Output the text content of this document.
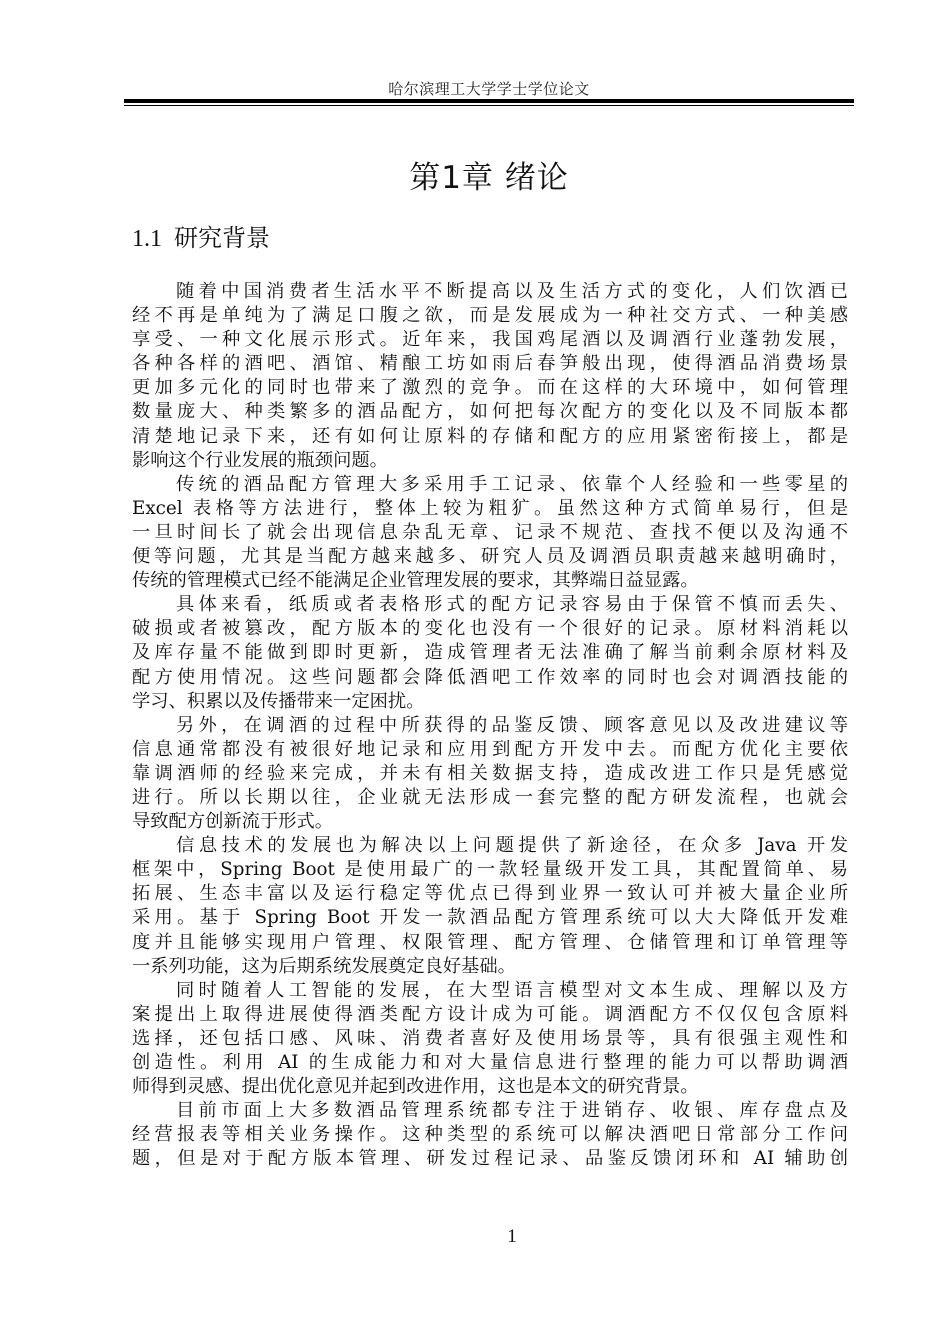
哈尔滨理工大学学士学位论文
第1章 绪论
1.1 研究背景
随着中国消费者生活水平不断提高以及生活方式的变化，人们饮酒已
经不再是单纯为了满足口腹之欲，而是发展成为一种社交方式、一种美感
享受、一种文化展示形式。近年来，我国鸡尾酒以及调酒行业蓬勃发展，
各种各样的酒吧、酒馆、精酿工坊如雨后春笋般出现，使得酒品消费场景
更加多元化的同时也带来了激烈的竞争。而在这样的大环境中，如何管理
数量庞大、种类繁多的酒品配方，如何把每次配方的变化以及不同版本都
清楚地记录下来，还有如何让原料的存储和配方的应用紧密衔接上，都是
影响这个行业发展的瓶颈问题。
传统的酒品配方管理大多采用手工记录、依靠个人经验和一些零星的
Excel 表格等方法进行，整体上较为粗犷。虽然这种方式简单易行，但是
一旦时间长了就会出现信息杂乱无章、记录不规范、查找不便以及沟通不
便等问题，尤其是当配方越来越多、研究人员及调酒员职责越来越明确时，
传统的管理模式已经不能满足企业管理发展的要求，其弊端日益显露。
具体来看，纸质或者表格形式的配方记录容易由于保管不慎而丢失、
破损或者被篡改，配方版本的变化也没有一个很好的记录。原材料消耗以
及库存量不能做到即时更新，造成管理者无法准确了解当前剩余原材料及
配方使用情况。这些问题都会降低酒吧工作效率的同时也会对调酒技能的
学习、积累以及传播带来一定困扰。
另外，在调酒的过程中所获得的品鉴反馈、顾客意见以及改进建议等
信息通常都没有被很好地记录和应用到配方开发中去。而配方优化主要依
靠调酒师的经验来完成，并未有相关数据支持，造成改进工作只是凭感觉
进行。所以长期以往，企业就无法形成一套完整的配方研发流程，也就会
导致配方创新流于形式。
信息技术的发展也为解决以上问题提供了新途径，在众多 Java 开发
框架中，Spring Boot 是使用最广的一款轻量级开发工具，其配置简单、易
拓展、生态丰富以及运行稳定等优点已得到业界一致认可并被大量企业所
采用。基于 Spring Boot 开发一款酒品配方管理系统可以大大降低开发难
度并且能够实现用户管理、权限管理、配方管理、仓储管理和订单管理等
一系列功能，这为后期系统发展奠定良好基础。
同时随着人工智能的发展，在大型语言模型对文本生成、理解以及方
案提出上取得进展使得酒类配方设计成为可能。调酒配方不仅仅包含原料
选择，还包括口感、风味、消费者喜好及使用场景等，具有很强主观性和
创造性。利用 AI 的生成能力和对大量信息进行整理的能力可以帮助调酒
师得到灵感、提出优化意见并起到改进作用，这也是本文的研究背景。
目前市面上大多数酒品管理系统都专注于进销存、收银、库存盘点及
经营报表等相关业务操作。这种类型的系统可以解决酒吧日常部分工作问
题，但是对于配方版本管理、研发过程记录、品鉴反馈闭环和 AI 辅助创
1
